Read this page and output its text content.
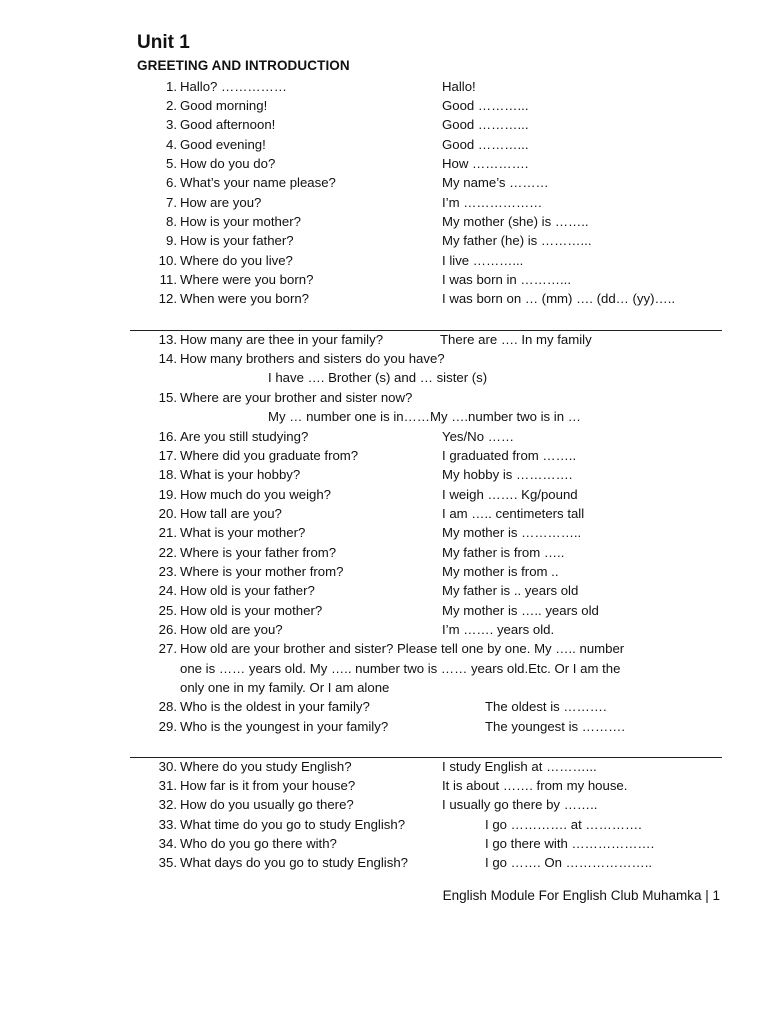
Unit 1
GREETING AND INTRODUCTION
1. Hallo? ……………	Hallo!
2. Good morning!	Good ………...
3. Good afternoon!	Good ………...
4. Good evening!	Good ………...
5. How do you do?	How ………….
6. What’s your name please?	My name’s ………
7. How are you?	I’m ………………
8. How is your mother?	My mother (she) is ……..
9. How is your father?	My father (he) is ………...
10. Where do you live?	I live ………...
11. Where were you born?	I was born in ………...
12. When were you born?	I was born on … (mm) …. (dd… (yy)…..
13. How many are thee in your family?	There are …. In my family
14. How many brothers and sisters do you have?
I have …. Brother (s) and … sister (s)
15. Where are your brother and sister now?
My … number one is in……My ….number two is in …
16. Are you still studying?	Yes/No ……
17. Where did you graduate from?	I graduated from ……..
18. What is your hobby?	My hobby is ………….
19. How much do you weigh?	I weigh ……. Kg/pound
20. How tall are you?	I am ….. centimeters tall
21. What is your mother?	My mother is …………..
22. Where is your father from?	My father is from …..
23. Where is your mother from?	My mother is from ..
24. How old is your father?	My father is .. years old
25. How old is your mother?	My mother is ….. years old
26. How old are you?	I’m ……. years old.
27. How old are your brother and sister? Please tell one by one. My ….. number
one is …… years old. My ….. number two is …… years old.Etc. Or I am the
only one in my family. Or I am alone
28. Who is the oldest in your family?	The oldest is ……….
29. Who is the youngest in your family?	The youngest is ……….
30. Where do you study English?	I study English at ………...
31. How far is it from your house?	It is about ……. from my house.
32. How do you usually go there?	I usually go there by ……..
33. What time do you go to study English?	I go …………. at ………….
34. Who do you go there with?	I go there with ……………….
35. What days do you go to study English?	I go ……. On ………………..
English Module For English Club Muhamka | 1
